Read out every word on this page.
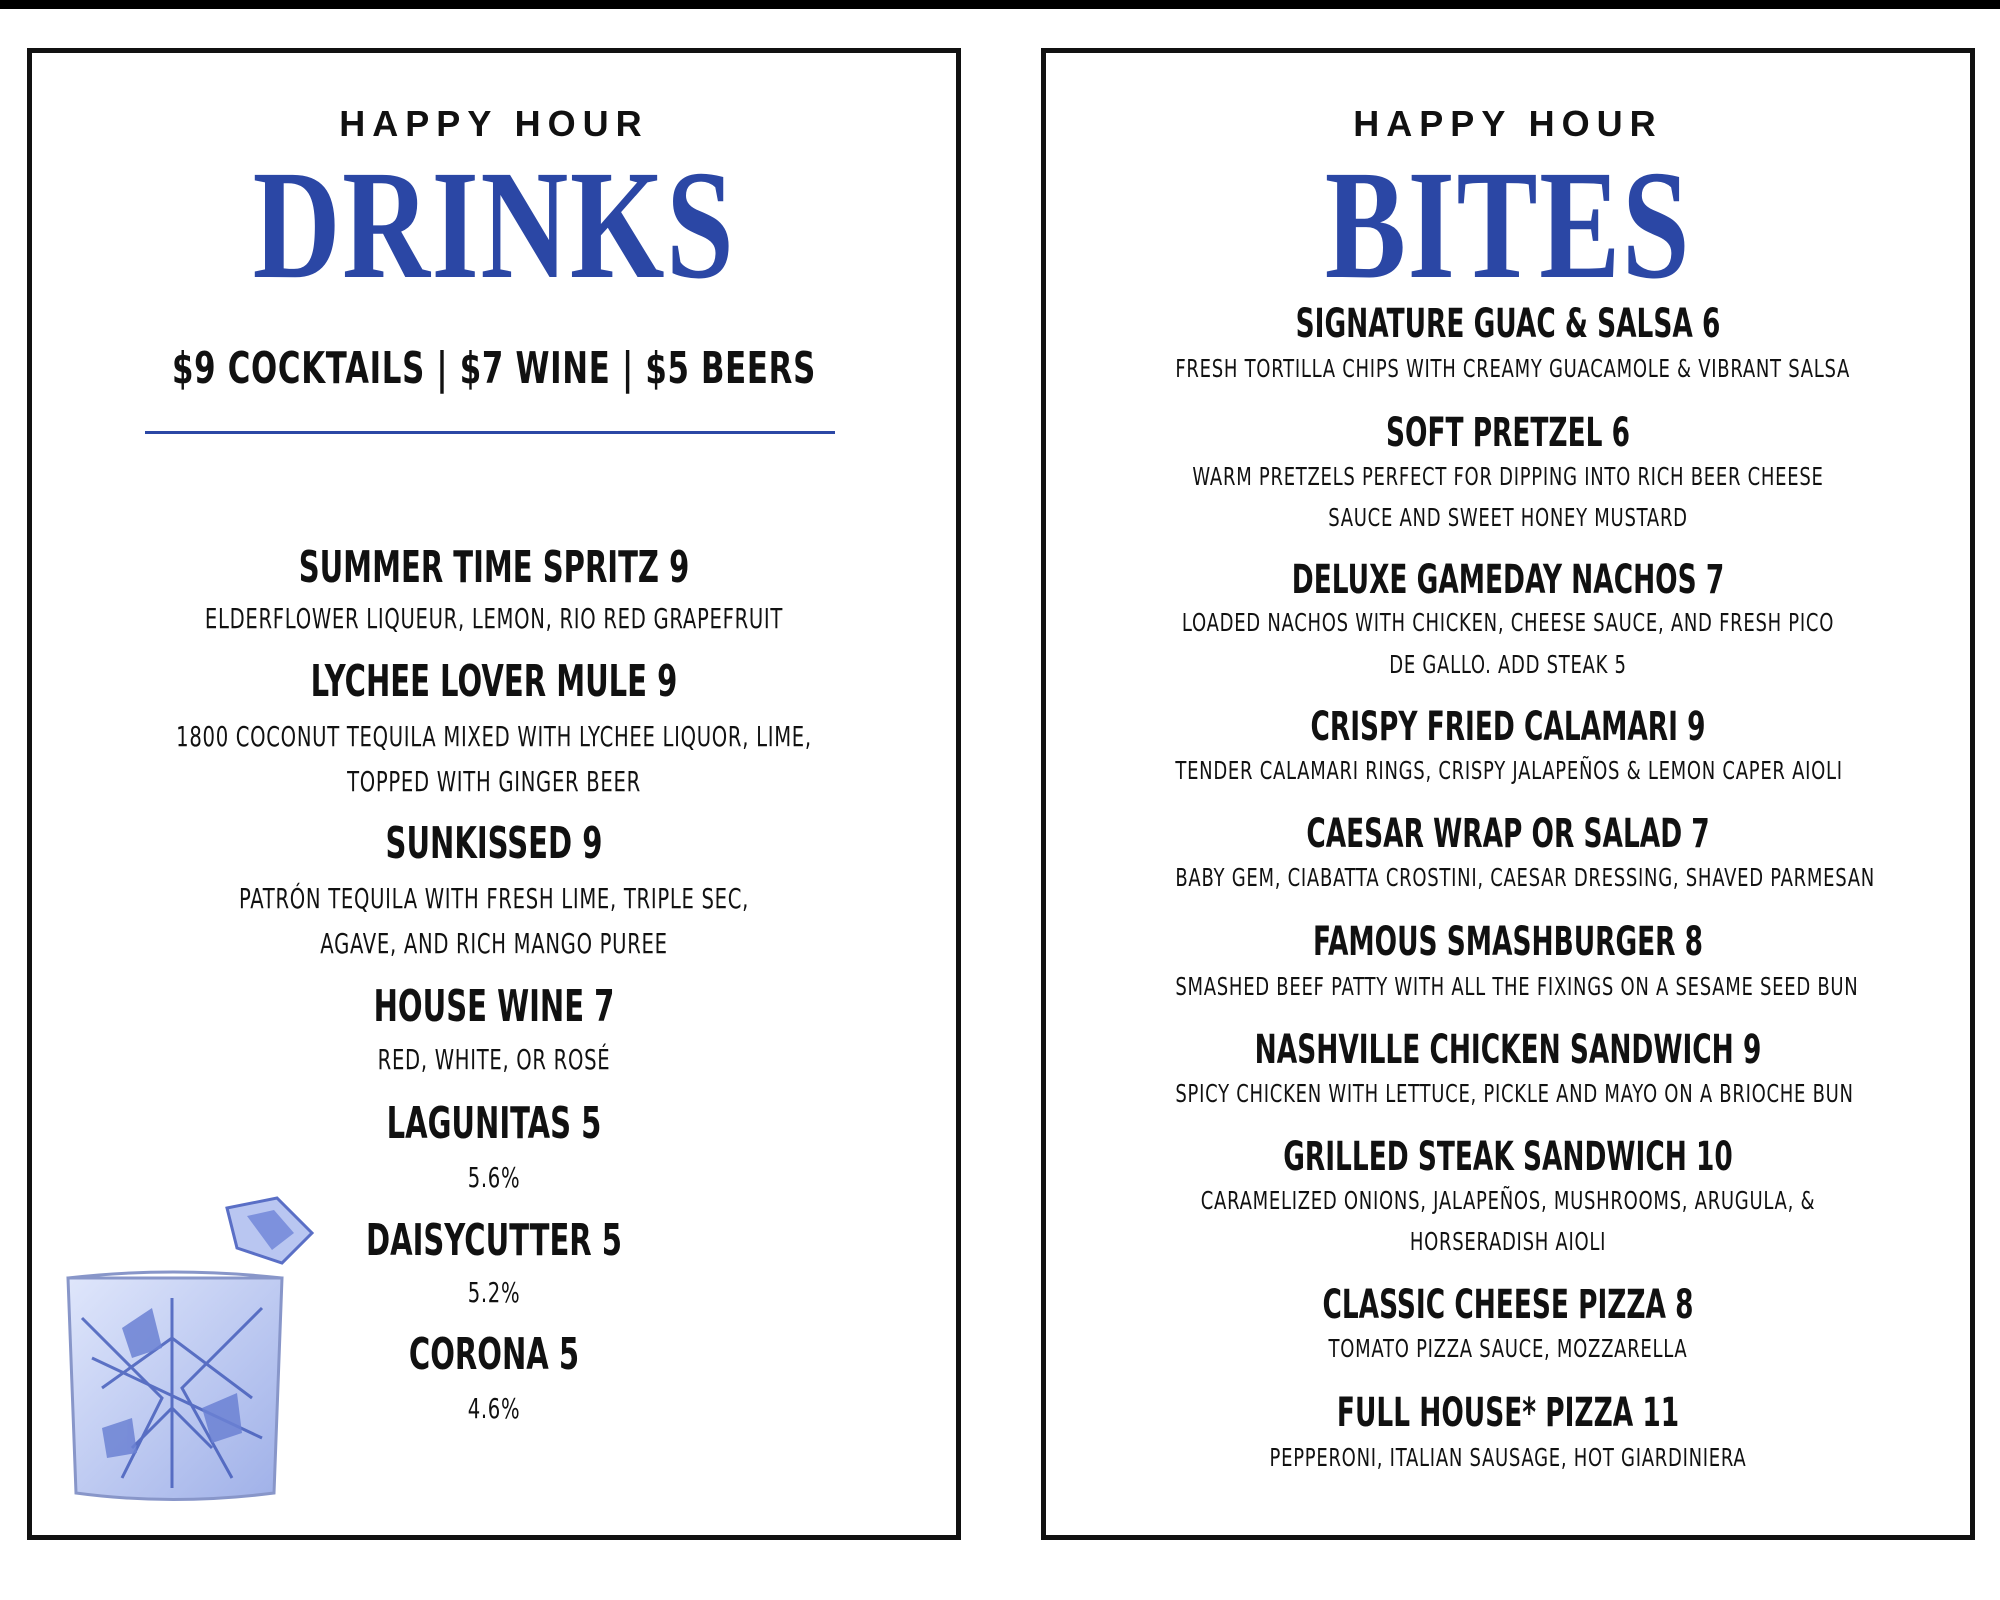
HAPPY HOUR
DRINKS
$9 COCKTAILS | $7 WINE | $5 BEERS
SUMMER TIME SPRITZ 9
ELDERFLOWER LIQUEUR, LEMON, RIO RED GRAPEFRUIT
LYCHEE LOVER MULE 9
1800 COCONUT TEQUILA MIXED WITH LYCHEE LIQUOR, LIME,
TOPPED WITH GINGER BEER
SUNKISSED 9
PATRÓN TEQUILA WITH FRESH LIME, TRIPLE SEC,
AGAVE, AND RICH MANGO PUREE
HOUSE WINE 7
RED, WHITE, OR ROSÉ
LAGUNITAS 5
5.6%
DAISYCUTTER 5
5.2%
CORONA 5
4.6%
HAPPY HOUR
BITES
SIGNATURE GUAC & SALSA 6
FRESH TORTILLA CHIPS WITH CREAMY GUACAMOLE & VIBRANT SALSA
SOFT PRETZEL 6
WARM PRETZELS PERFECT FOR DIPPING INTO RICH BEER CHEESE
SAUCE AND SWEET HONEY MUSTARD
DELUXE GAMEDAY NACHOS 7
LOADED NACHOS WITH CHICKEN, CHEESE SAUCE, AND FRESH PICO
DE GALLO. ADD STEAK 5
CRISPY FRIED CALAMARI 9
TENDER CALAMARI RINGS, CRISPY JALAPEÑOS & LEMON CAPER AIOLI
CAESAR WRAP OR SALAD 7
BABY GEM, CIABATTA CROSTINI, CAESAR DRESSING, SHAVED PARMESAN
FAMOUS SMASHBURGER 8
SMASHED BEEF PATTY WITH ALL THE FIXINGS ON A SESAME SEED BUN
NASHVILLE CHICKEN SANDWICH 9
SPICY CHICKEN WITH LETTUCE, PICKLE AND MAYO ON A BRIOCHE BUN
GRILLED STEAK SANDWICH 10
CARAMELIZED ONIONS, JALAPEÑOS, MUSHROOMS, ARUGULA, &
HORSERADISH AIOLI
CLASSIC CHEESE PIZZA 8
TOMATO PIZZA SAUCE, MOZZARELLA
FULL HOUSE* PIZZA 11
PEPPERONI, ITALIAN SAUSAGE, HOT GIARDINIERA
